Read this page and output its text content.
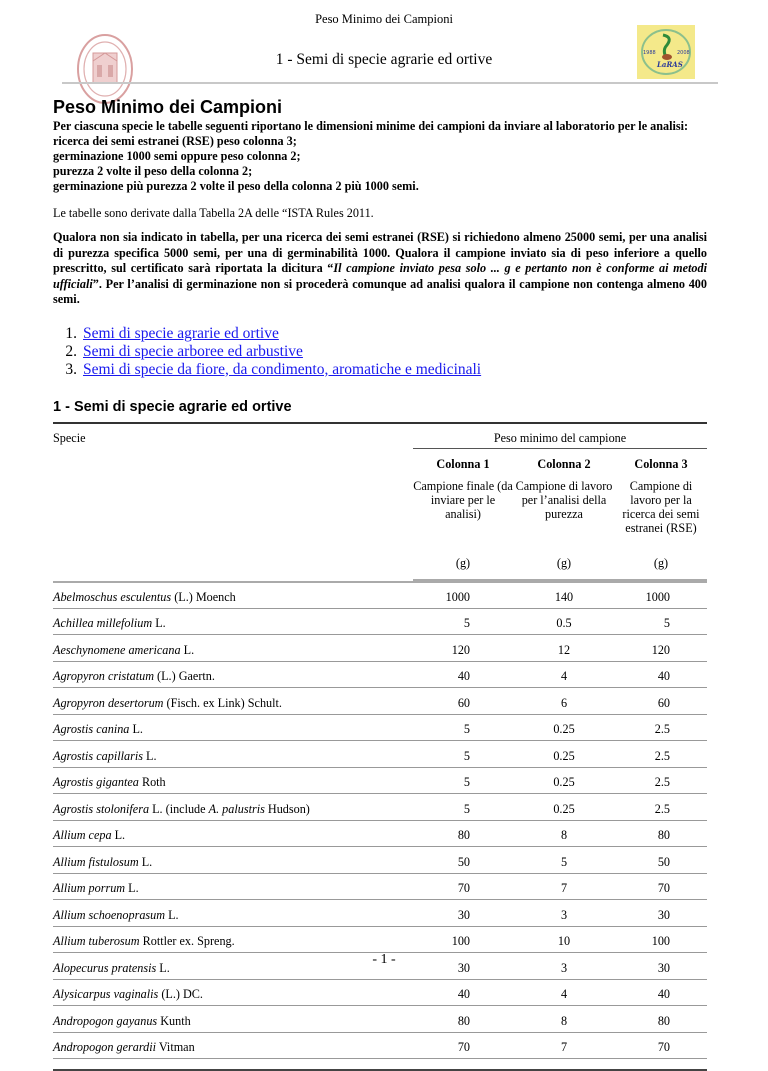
Peso Minimo dei Campioni
1 - Semi di specie agrarie ed ortive	1988	2008
LaRAS
Peso Minimo dei Campioni
Per ciascuna specie le tabelle seguenti riportano le dimensioni minime dei campioni da inviare al laboratorio per le analisi:
ricerca dei semi estranei (RSE) peso colonna 3;
germinazione 1000 semi oppure peso colonna 2;
purezza 2 volte il peso della colonna 2;
germinazione più purezza 2 volte il peso della colonna 2 più 1000 semi.

Le tabelle sono derivate dalla Tabella 2A delle “ISTA Rules 2011.

Qualora non sia indicato in tabella, per una ricerca dei semi estranei (RSE) si richiedono almeno 25000 semi, per una analisi di purezza specifica 5000 semi, per una di germinabilità 1000. Qualora il campione inviato sia di peso inferiore a quello prescritto, sul certificato sarà riportata la dicitura “Il campione inviato pesa solo ... g e pertanto non è conforme ai metodi ufficiali”. Per l’analisi di germinazione non si procederà comunque ad analisi qualora il campione non contenga almeno 400 semi.

1. Semi di specie agrarie ed ortive
2. Semi di specie arboree ed arbustive
3. Semi di specie da fiore, da condimento, aromatiche e medicinali
1 - Semi di specie agrarie ed ortive
Specie	Peso minimo del campione		
	Colonna 1	Colonna 2	Colonna 3
	Campione finale (da inviare per le analisi)	Campione di lavoro per l’analisi della purezza	Campione di lavoro per la ricerca dei semi estranei (RSE)
	(g)	(g)	(g)

Abelmoschus esculentus (L.) Moench	1000	140	1000
Achillea millefolium L.	5	0.5	5
Aeschynomene americana L.	120	12	120
Agropyron cristatum (L.) Gaertn.	40	4	40
Agropyron desertorum (Fisch. ex Link) Schult.	60	6	60
Agrostis canina L.	5	0.25	2.5
Agrostis capillaris L.	5	0.25	2.5
Agrostis gigantea Roth	5	0.25	2.5
Agrostis stolonifera L. (include A. palustris Hudson)	5	0.25	2.5
Allium cepa L.	80	8	80
Allium fistulosum L.	50	5	50
Allium porrum L.	70	7	70
Allium schoenoprasum L.	30	3	30
Allium tuberosum Rottler ex. Spreng.	100	10	100
Alopecurus pratensis L.	30	3	30
Alysicarpus vaginalis (L.) DC.	40	4	40
Andropogon gayanus Kunth	80	8	80
Andropogon gerardii Vitman	70	7	70
- 1 -
